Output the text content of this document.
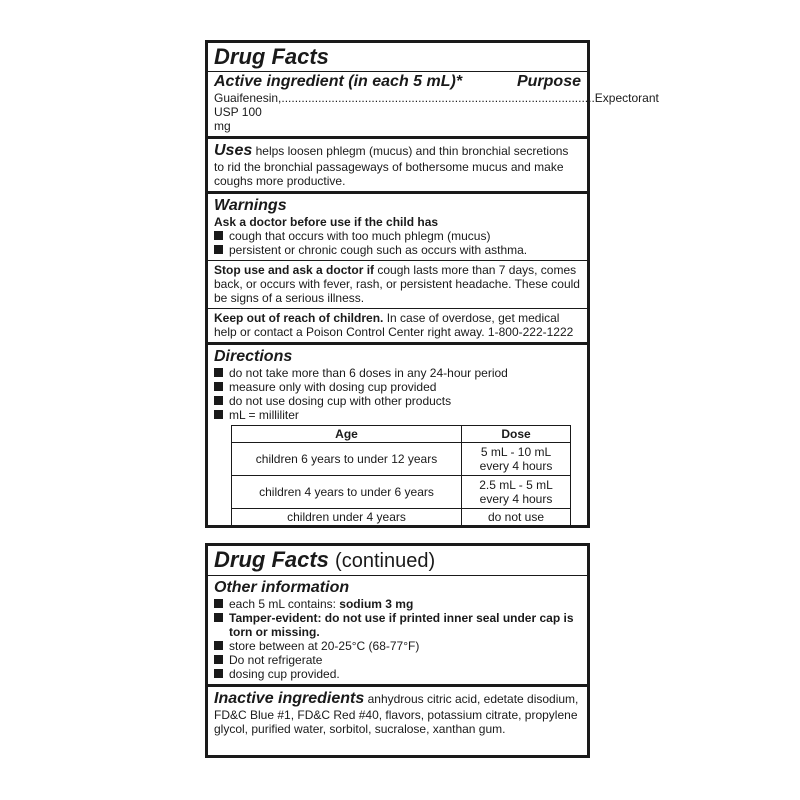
Drug Facts
Active ingredient (in each 5 mL)*	Purpose
Guaifenesin, USP 100 mg
.............................................................................................. Expectorant
Uses helps loosen phlegm (mucus) and thin bronchial secretions to rid the bronchial passageways of bothersome mucus and make coughs more productive.
Warnings
Ask a doctor before use if the child has
cough that occurs with too much phlegm (mucus)
persistent or chronic cough such as occurs with asthma.
Stop use and ask a doctor if cough lasts more than 7 days, comes back, or occurs with fever, rash, or persistent headache. These could be signs of a serious illness.
Keep out of reach of children. In case of overdose, get medical help or contact a Poison Control Center right away. 1-800-222-1222
Directions
do not take more than 6 doses in any 24-hour period
measure only with dosing cup provided
do not use dosing cup with other products
mL = milliliter
Age	Dose
children 6 years to under 12 years	5 mL - 10 mL
every 4 hours

children 4 years to under 6 years	2.5 mL - 5 mL
every 4 hours

children under 4 years	do not use
Drug Facts (continued)
Other information
each 5 mL contains: sodium 3 mg
Tamper-evident: do not use if printed inner seal under cap is torn or missing.
store between at 20-25°C (68-77°F)
Do not refrigerate
dosing cup provided.
Inactive ingredients anhydrous citric acid, edetate disodium, FD&C Blue #1, FD&C Red #40, flavors, potassium citrate, propylene glycol, purified water, sorbitol, sucralose, xanthan gum.
